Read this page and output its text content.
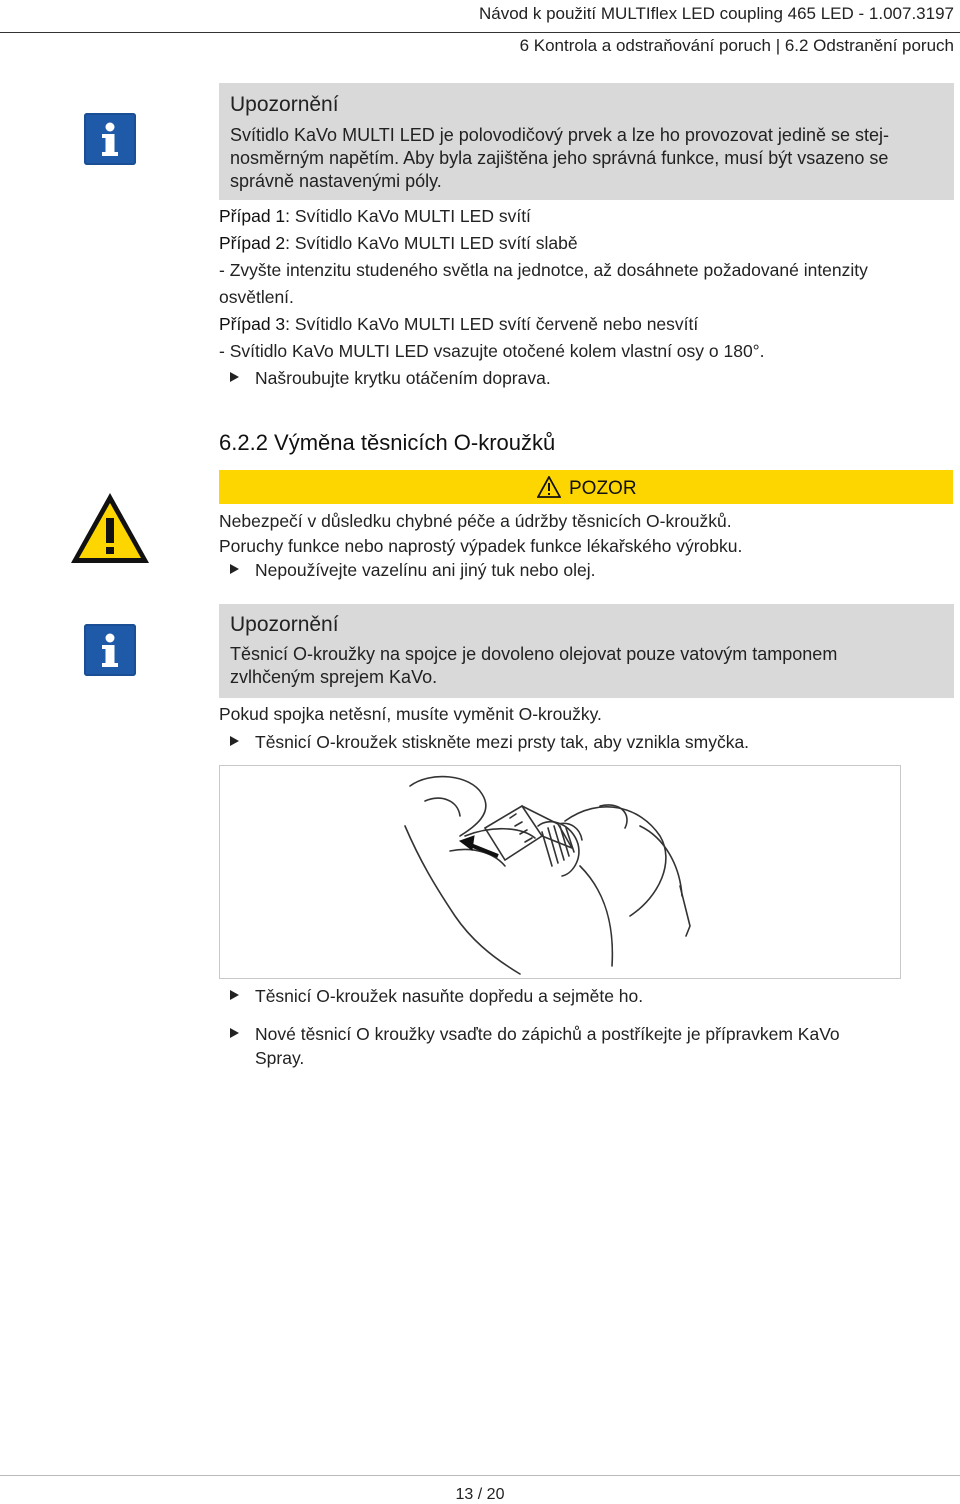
Návod k použití MULTIflex LED coupling 465 LED - 1.007.3197
6 Kontrola a odstraňování poruch | 6.2 Odstranění poruch
Upozornění
Svítidlo KaVo MULTI LED je polovodičový prvek a lze ho provozovat jedině se stej-
nosměrným napětím. Aby byla zajištěna jeho správná funkce, musí být vsazeno se
správně nastavenými póly.
Případ 1: Svítidlo KaVo MULTI LED svítí
Případ 2: Svítidlo KaVo MULTI LED svítí slabě
- Zvyšte intenzitu studeného světla na jednotce, až dosáhnete požadované intenzity
osvětlení.
Případ 3: Svítidlo KaVo MULTI LED svítí červeně nebo nesvítí
- Svítidlo KaVo MULTI LED vsazujte otočené kolem vlastní osy o 180°.
Našroubujte krytku otáčením doprava.
6.2.2 Výměna těsnicích O-kroužků
POZOR
Nebezpečí v důsledku chybné péče a údržby těsnicích O-kroužků.
Poruchy funkce nebo naprostý výpadek funkce lékařského výrobku.
Nepoužívejte vazelínu ani jiný tuk nebo olej.
Upozornění
Těsnicí O-kroužky na spojce je dovoleno olejovat pouze vatovým tamponem
zvlhčeným sprejem KaVo.
Pokud spojka netěsní, musíte vyměnit O-kroužky.
Těsnicí O-kroužek stiskněte mezi prsty tak, aby vznikla smyčka.
Těsnicí O-kroužek nasuňte dopředu a sejměte ho.
Nové těsnicí O kroužky vsaďte do zápichů a postříkejte je přípravkem KaVo
Spray.
13 / 20
